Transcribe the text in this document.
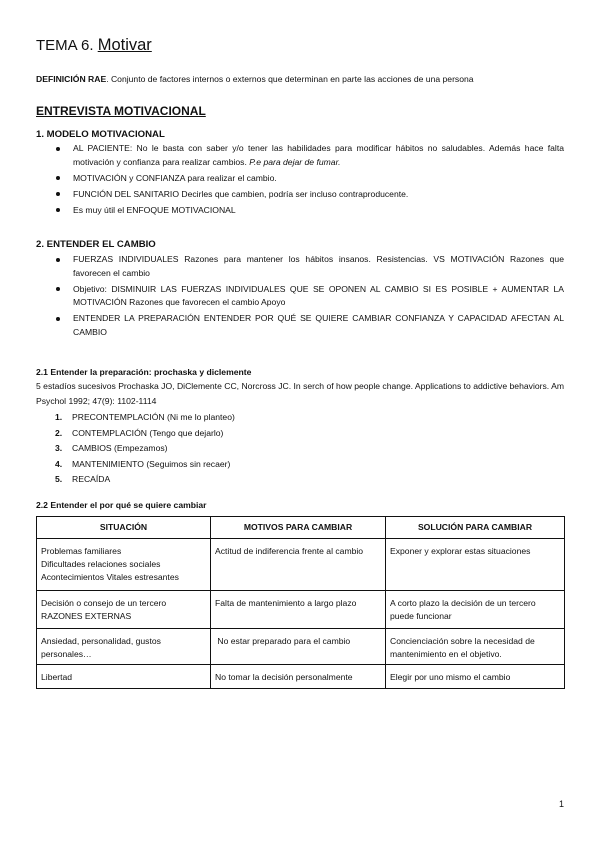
TEMA 6. Motivar
DEFINICIÓN RAE. Conjunto de factores internos o externos que determinan en parte las acciones de una persona
ENTREVISTA MOTIVACIONAL
1. MODELO MOTIVACIONAL
AL PACIENTE: No le basta con saber y/o tener las habilidades para modificar hábitos no saludables. Además hace falta motivación y confianza para realizar cambios. P.e para dejar de fumar.
MOTIVACIÓN y CONFIANZA para realizar el cambio.
FUNCIÓN DEL SANITARIO Decirles que cambien, podría ser incluso contraproducente.
Es muy útil el ENFOQUE MOTIVACIONAL
2. ENTENDER EL CAMBIO
FUERZAS INDIVIDUALES Razones para mantener los hábitos insanos. Resistencias. VS MOTIVACIÓN Razones que favorecen el cambio
Objetivo: DISMINUIR LAS FUERZAS INDIVIDUALES QUE SE OPONEN AL CAMBIO SI ES POSIBLE + AUMENTAR LA MOTIVACIÓN Razones que favorecen el cambio Apoyo
ENTENDER LA PREPARACIÓN ENTENDER POR QUÉ SE QUIERE CAMBIAR CONFIANZA Y CAPACIDAD AFECTAN AL CAMBIO
2.1 Entender la preparación: prochaska y diclemente
5 estadíos sucesivos Prochaska JO, DiClemente CC, Norcross JC. In serch of how people change. Applications to addictive behaviors. Am Psychol 1992; 47(9): 1102-1114
1. PRECONTEMPLACIÓN (Ni me lo planteo)
2. CONTEMPLACIÓN (Tengo que dejarlo)
3. CAMBIOS (Empezamos)
4. MANTENIMIENTO (Seguimos sin recaer)
5. RECAÍDA
2.2 Entender el por qué se quiere cambiar
SITUACIÓN	MOTIVOS PARA CAMBIAR	SOLUCIÓN PARA CAMBIAR

Problemas familiares
Dificultades relaciones sociales
Acontecimientos Vitales estresantes	Actitud de indiferencia frente al cambio	Exponer y explorar estas situaciones

Decisión o consejo de un tercero
RAZONES EXTERNAS	Falta de mantenimiento a largo plazo	A corto plazo la decisión de un tercero puede funcionar

Ansiedad, personalidad, gustos personales…	No estar preparado para el cambio	Concienciación sobre la necesidad de mantenimiento en el objetivo.

Libertad	No tomar la decisión personalmente	Elegir por uno mismo el cambio
1
